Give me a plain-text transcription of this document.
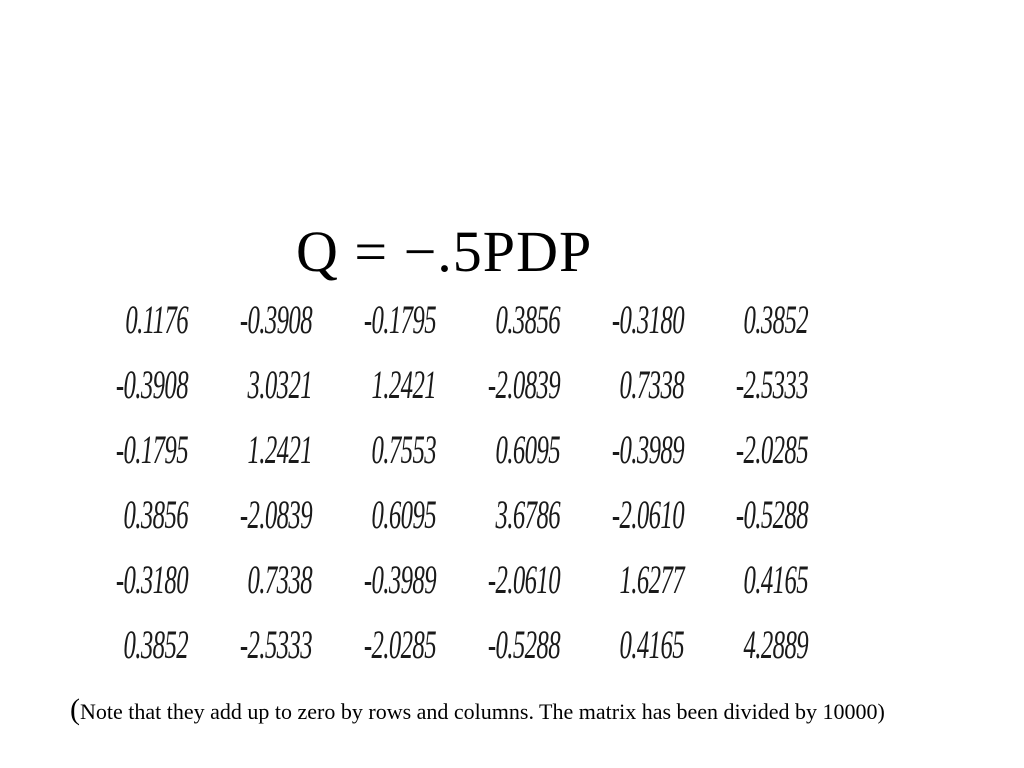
Q = −.5PDP
0.1176 -0.3908 -0.1795	0.3856 -0.3180	0.3852
-0.3908	3.0321	1.2421 -2.0839	0.7338 -2.5333
-0.1795	1.2421	0.7553	0.6095 -0.3989 -2.0285
0.3856 -2.0839	0.6095	3.6786 -2.0610 -0.5288
-0.3180	0.7338 -0.3989 -2.0610	1.6277	0.4165
0.3852 -2.5333 -2.0285 -0.5288	0.4165	4.2889
(Note that they add up to zero by rows and columns. The matrix has been divided by 10000)
